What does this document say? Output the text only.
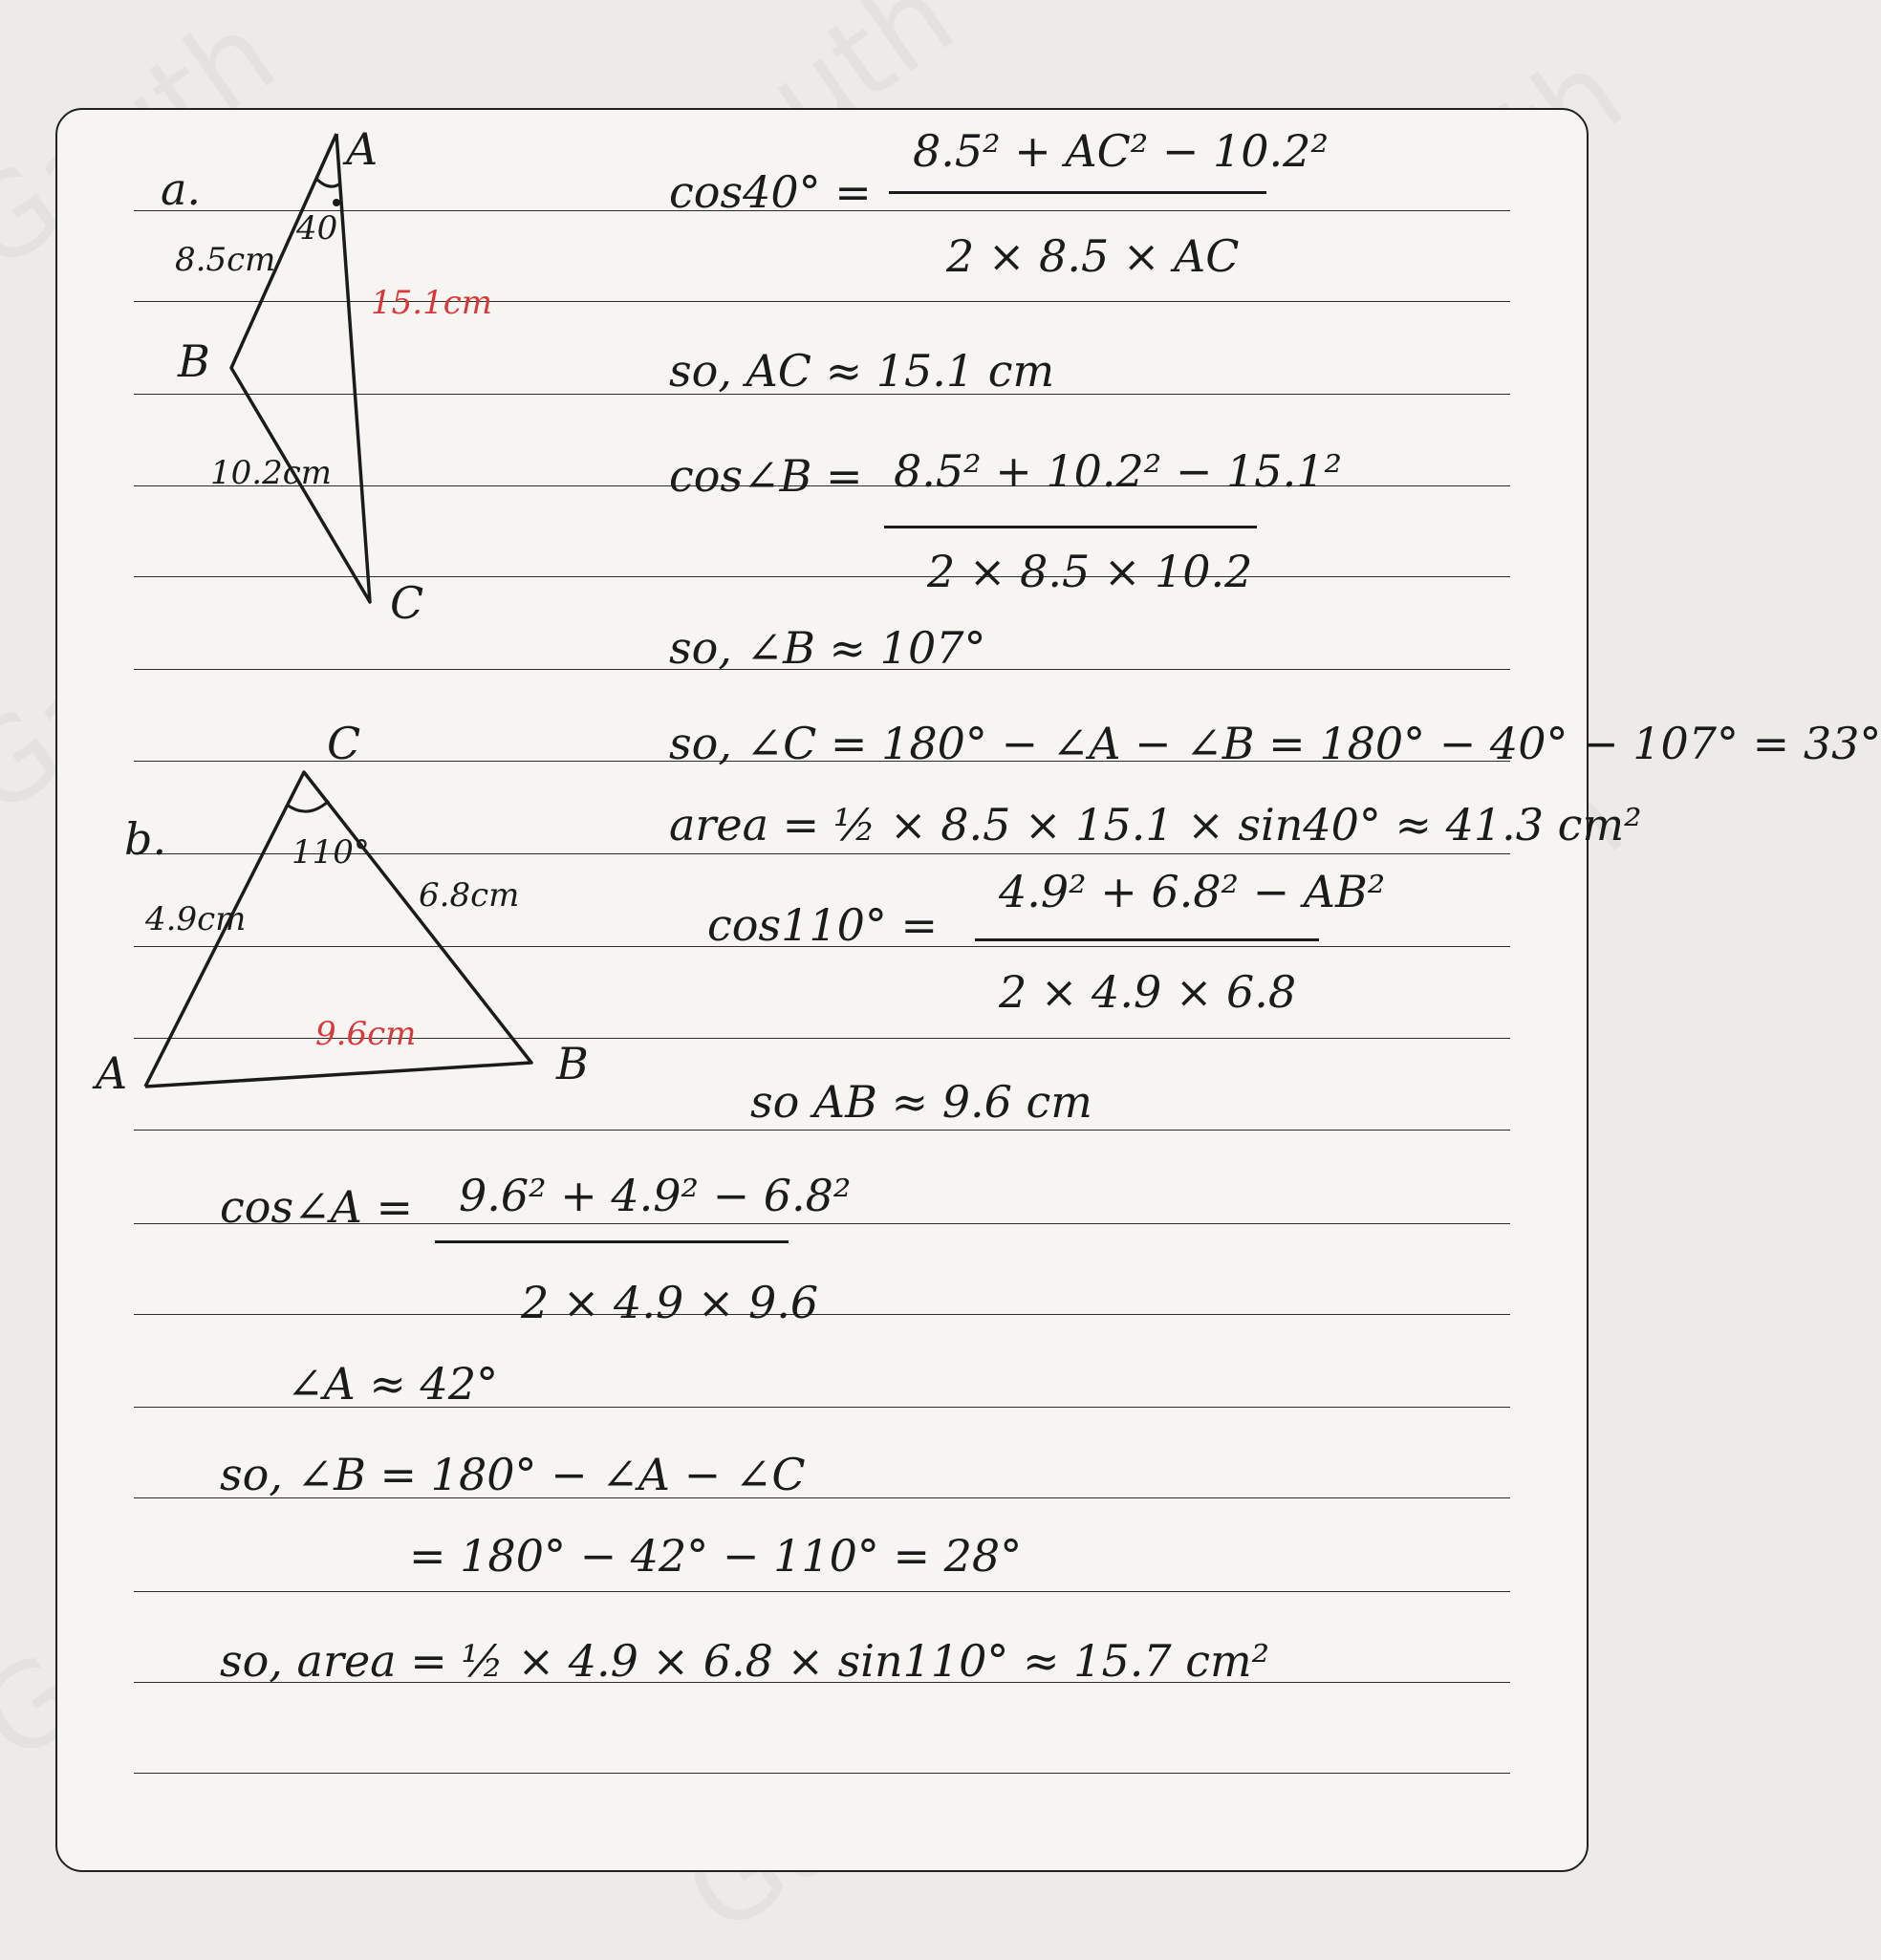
a.
A
B
C
8.5cm
40
15.1cm
10.2cm
cos40° =
8.5² + AC² − 10.2²
2 × 8.5 × AC
so, AC ≈ 15.1 cm
cos∠B = 8.5² + 10.2² − 15.1²
2 × 8.5 × 10.2
so, ∠B ≈ 107°
so, ∠C = 180° − ∠A − ∠B = 180° − 40° − 107° = 33°
area = ½ × 8.5 × 15.1 × sin40° ≈ 41.3 cm²
b.
C
A	B
110°
4.9cm
6.8cm
9.6cm
cos110° =
4.9² + 6.8² − AB²
2 × 4.9 × 6.8
so AB ≈ 9.6 cm
cos∠A = 9.6² + 4.9² − 6.8²
2 × 4.9 × 9.6
∠A ≈ 42°
so, ∠B = 180° − ∠A − ∠C
= 180° − 42° − 110° = 28°
so, area = ½ × 4.9 × 6.8 × sin110° ≈ 15.7 cm²
